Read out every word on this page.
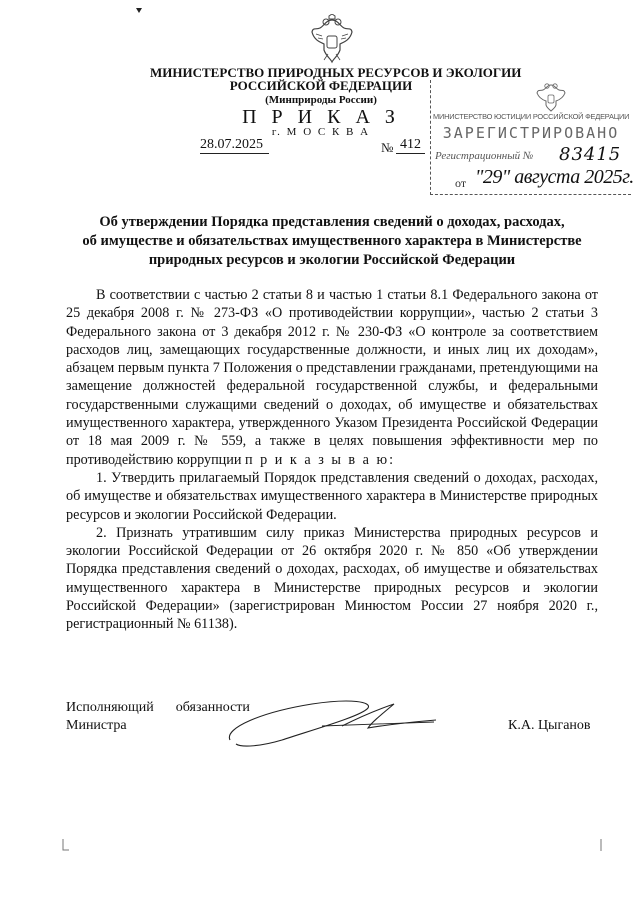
МИНИСТЕРСТВО ПРИРОДНЫХ РЕСУРСОВ И ЭКОЛОГИИ
РОССИЙСКОЙ ФЕДЕРАЦИИ
(Минприроды России)
П Р И К А З
г. М О С К В А
28.07.2025	№ 412
МИНИСТЕРСТВО ЮСТИЦИИ РОССИЙСКОЙ ФЕДЕРАЦИИ
ЗАРЕГИСТРИРОВАНО
Регистрационный № 83415
от "29" августа 2025г.
Об утверждении Порядка представления сведений о доходах, расходах,
об имуществе и обязательствах имущественного характера в Министерстве
природных ресурсов и экологии Российской Федерации

В соответствии с частью 2 статьи 8 и частью 1 статьи 8.1 Федерального закона от 25 декабря 2008 г. № 273-ФЗ «О противодействии коррупции», частью 2 статьи 3 Федерального закона от 3 декабря 2012 г. № 230-ФЗ «О контроле за соответствием расходов лиц, замещающих государственные должности, и иных лиц их доходам», абзацем первым пункта 7 Положения о представлении гражданами, претендующими на замещение должностей федеральной государственной службы, и федеральными государственными служащими сведений о доходах, об имуществе и обязательствах имущественного характера, утвержденного Указом Президента Российской Федерации от 18 мая 2009 г. № 559, а также в целях повышения эффективности мер по противодействию коррупции п р и к а з ы в а ю:

1. Утвердить прилагаемый Порядок представления сведений о доходах, расходах, об имуществе и обязательствах имущественного характера в Министерстве природных ресурсов и экологии Российской Федерации.

2. Признать утратившим силу приказ Министерства природных ресурсов и экологии Российской Федерации от 26 октября 2020 г. № 850 «Об утверждении Порядка представления сведений о доходах, расходах, об имуществе и обязательствах имущественного характера в Министерстве природных ресурсов и экологии Российской Федерации» (зарегистрирован Минюстом России 27 ноября 2020 г., регистрационный № 61138).

Исполняющий обязанности
Министра	К.А. Цыганов
